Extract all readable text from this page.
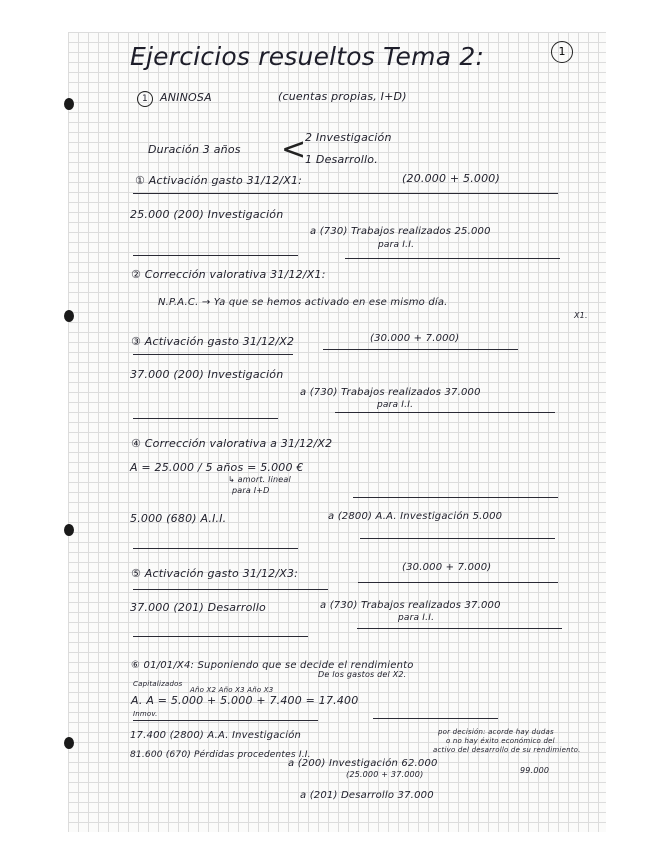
Ejercicios resueltos Tema 2:	1
1	ANINOSA	(cuentas propias, I+D)
Duración 3 años <
2 Investigación
1 Desarrollo.
① Activación gasto 31/12/X1:	(20.000 + 5.000)
25.000 (200) Investigación
a (730) Trabajos realizados 25.000
para I.I.
② Corrección valorativa 31/12/X1:
N.P.A.C. → Ya que se hemos activado en ese mismo día.
X1.
③ Activación gasto 31/12/X2	(30.000 + 7.000)
37.000 (200) Investigación
a (730) Trabajos realizados 37.000
para I.I.
④ Corrección valorativa a 31/12/X2
A = 25.000 / 5 años = 5.000 €
↳ amort. lineal
para I+D
5.000 (680) A.I.I.	a (2800) A.A. Investigación 5.000
⑤ Activación gasto 31/12/X3:	(30.000 + 7.000)
37.000 (201) Desarrollo	a (730) Trabajos realizados 37.000
para I.I.
⑥ 01/01/X4: Suponiendo que se decide el rendimiento
De los gastos del X2.
Capitalizados
Año X2 Año X3 Año X3
A. A = 5.000 + 5.000 + 7.400 = 17.400
Inmov.
17.400 (2800) A.A. Investigación	por decisión: acorde hay dudas
o no hay éxito económico del
activo del desarrollo de su rendimiento.
81.600 (670) Pérdidas procedentes I.I.
a (200) Investigación 62.000
(25.000 + 37.000)	99.000
a (201) Desarrollo 37.000
